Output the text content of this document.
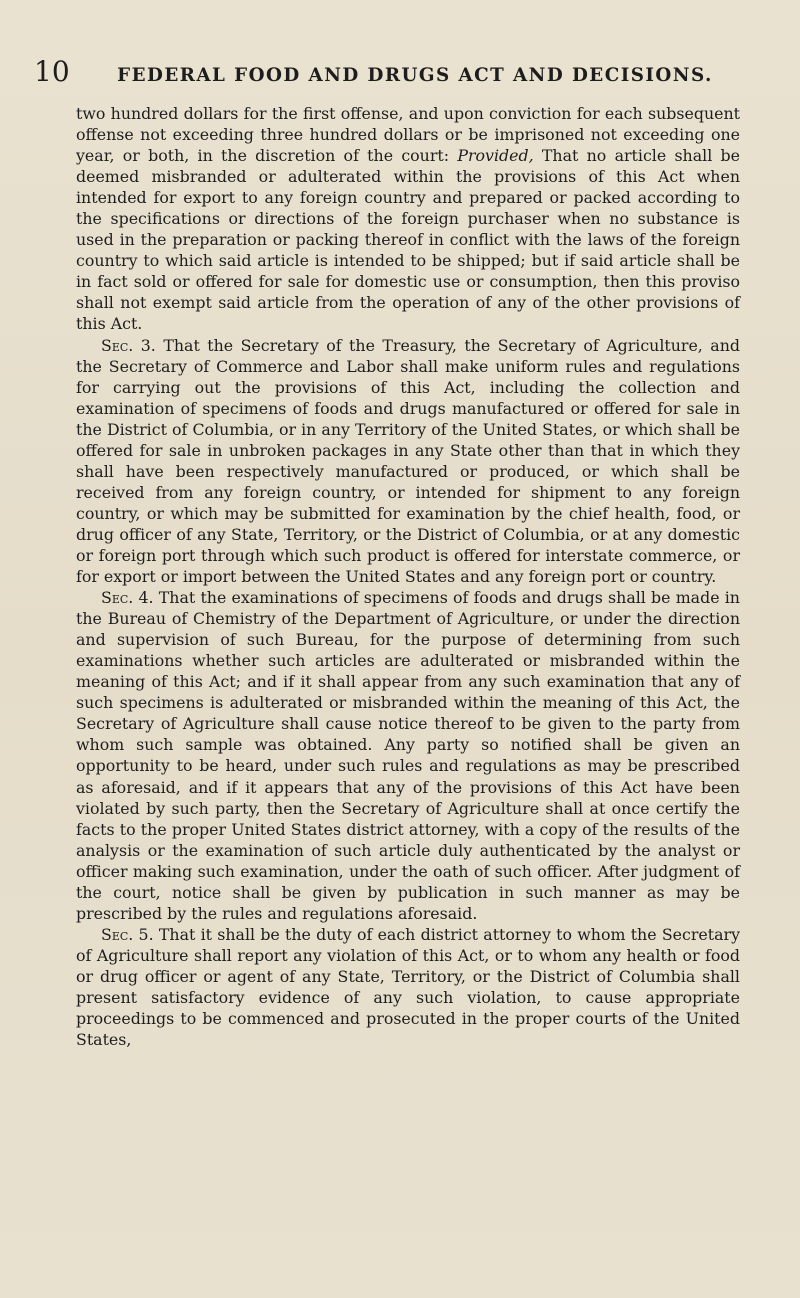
10	FEDERAL FOOD AND DRUGS ACT AND DECISIONS.

two hundred dollars for the first offense, and upon conviction for each subsequent offense not exceeding three hundred dollars or be imprisoned not exceeding one year, or both, in the discretion of the court: Provided, That no article shall be deemed misbranded or adulterated within the provisions of this Act when intended for export to any foreign country and prepared or packed according to the specifications or directions of the foreign purchaser when no substance is used in the preparation or packing thereof in conflict with the laws of the foreign country to which said article is intended to be shipped; but if said article shall be in fact sold or offered for sale for domestic use or consumption, then this proviso shall not exempt said article from the operation of any of the other provisions of this Act.

Sec. 3. That the Secretary of the Treasury, the Secretary of Agriculture, and the Secretary of Commerce and Labor shall make uniform rules and regulations for carrying out the provisions of this Act, including the collection and examination of specimens of foods and drugs manufactured or offered for sale in the District of Columbia, or in any Territory of the United States, or which shall be offered for sale in unbroken packages in any State other than that in which they shall have been respectively manufactured or produced, or which shall be received from any foreign country, or intended for shipment to any foreign country, or which may be submitted for examination by the chief health, food, or drug officer of any State, Territory, or the District of Columbia, or at any domestic or foreign port through which such product is offered for interstate commerce, or for export or import between the United States and any foreign port or country.

Sec. 4. That the examinations of specimens of foods and drugs shall be made in the Bureau of Chemistry of the Department of Agriculture, or under the direction and supervision of such Bureau, for the purpose of determining from such examinations whether such articles are adulterated or misbranded within the meaning of this Act; and if it shall appear from any such examination that any of such specimens is adulterated or misbranded within the meaning of this Act, the Secretary of Agriculture shall cause notice thereof to be given to the party from whom such sample was obtained. Any party so notified shall be given an opportunity to be heard, under such rules and regulations as may be prescribed as aforesaid, and if it appears that any of the provisions of this Act have been violated by such party, then the Secretary of Agriculture shall at once certify the facts to the proper United States district attorney, with a copy of the results of the analysis or the examination of such article duly authenticated by the analyst or officer making such examination, under the oath of such officer. After judgment of the court, notice shall be given by publication in such manner as may be prescribed by the rules and regulations aforesaid.

Sec. 5. That it shall be the duty of each district attorney to whom the Secretary of Agriculture shall report any violation of this Act, or to whom any health or food or drug officer or agent of any State, Territory, or the District of Columbia shall present satisfactory evidence of any such violation, to cause appropriate proceedings to be commenced and prosecuted in the proper courts of the United States,
